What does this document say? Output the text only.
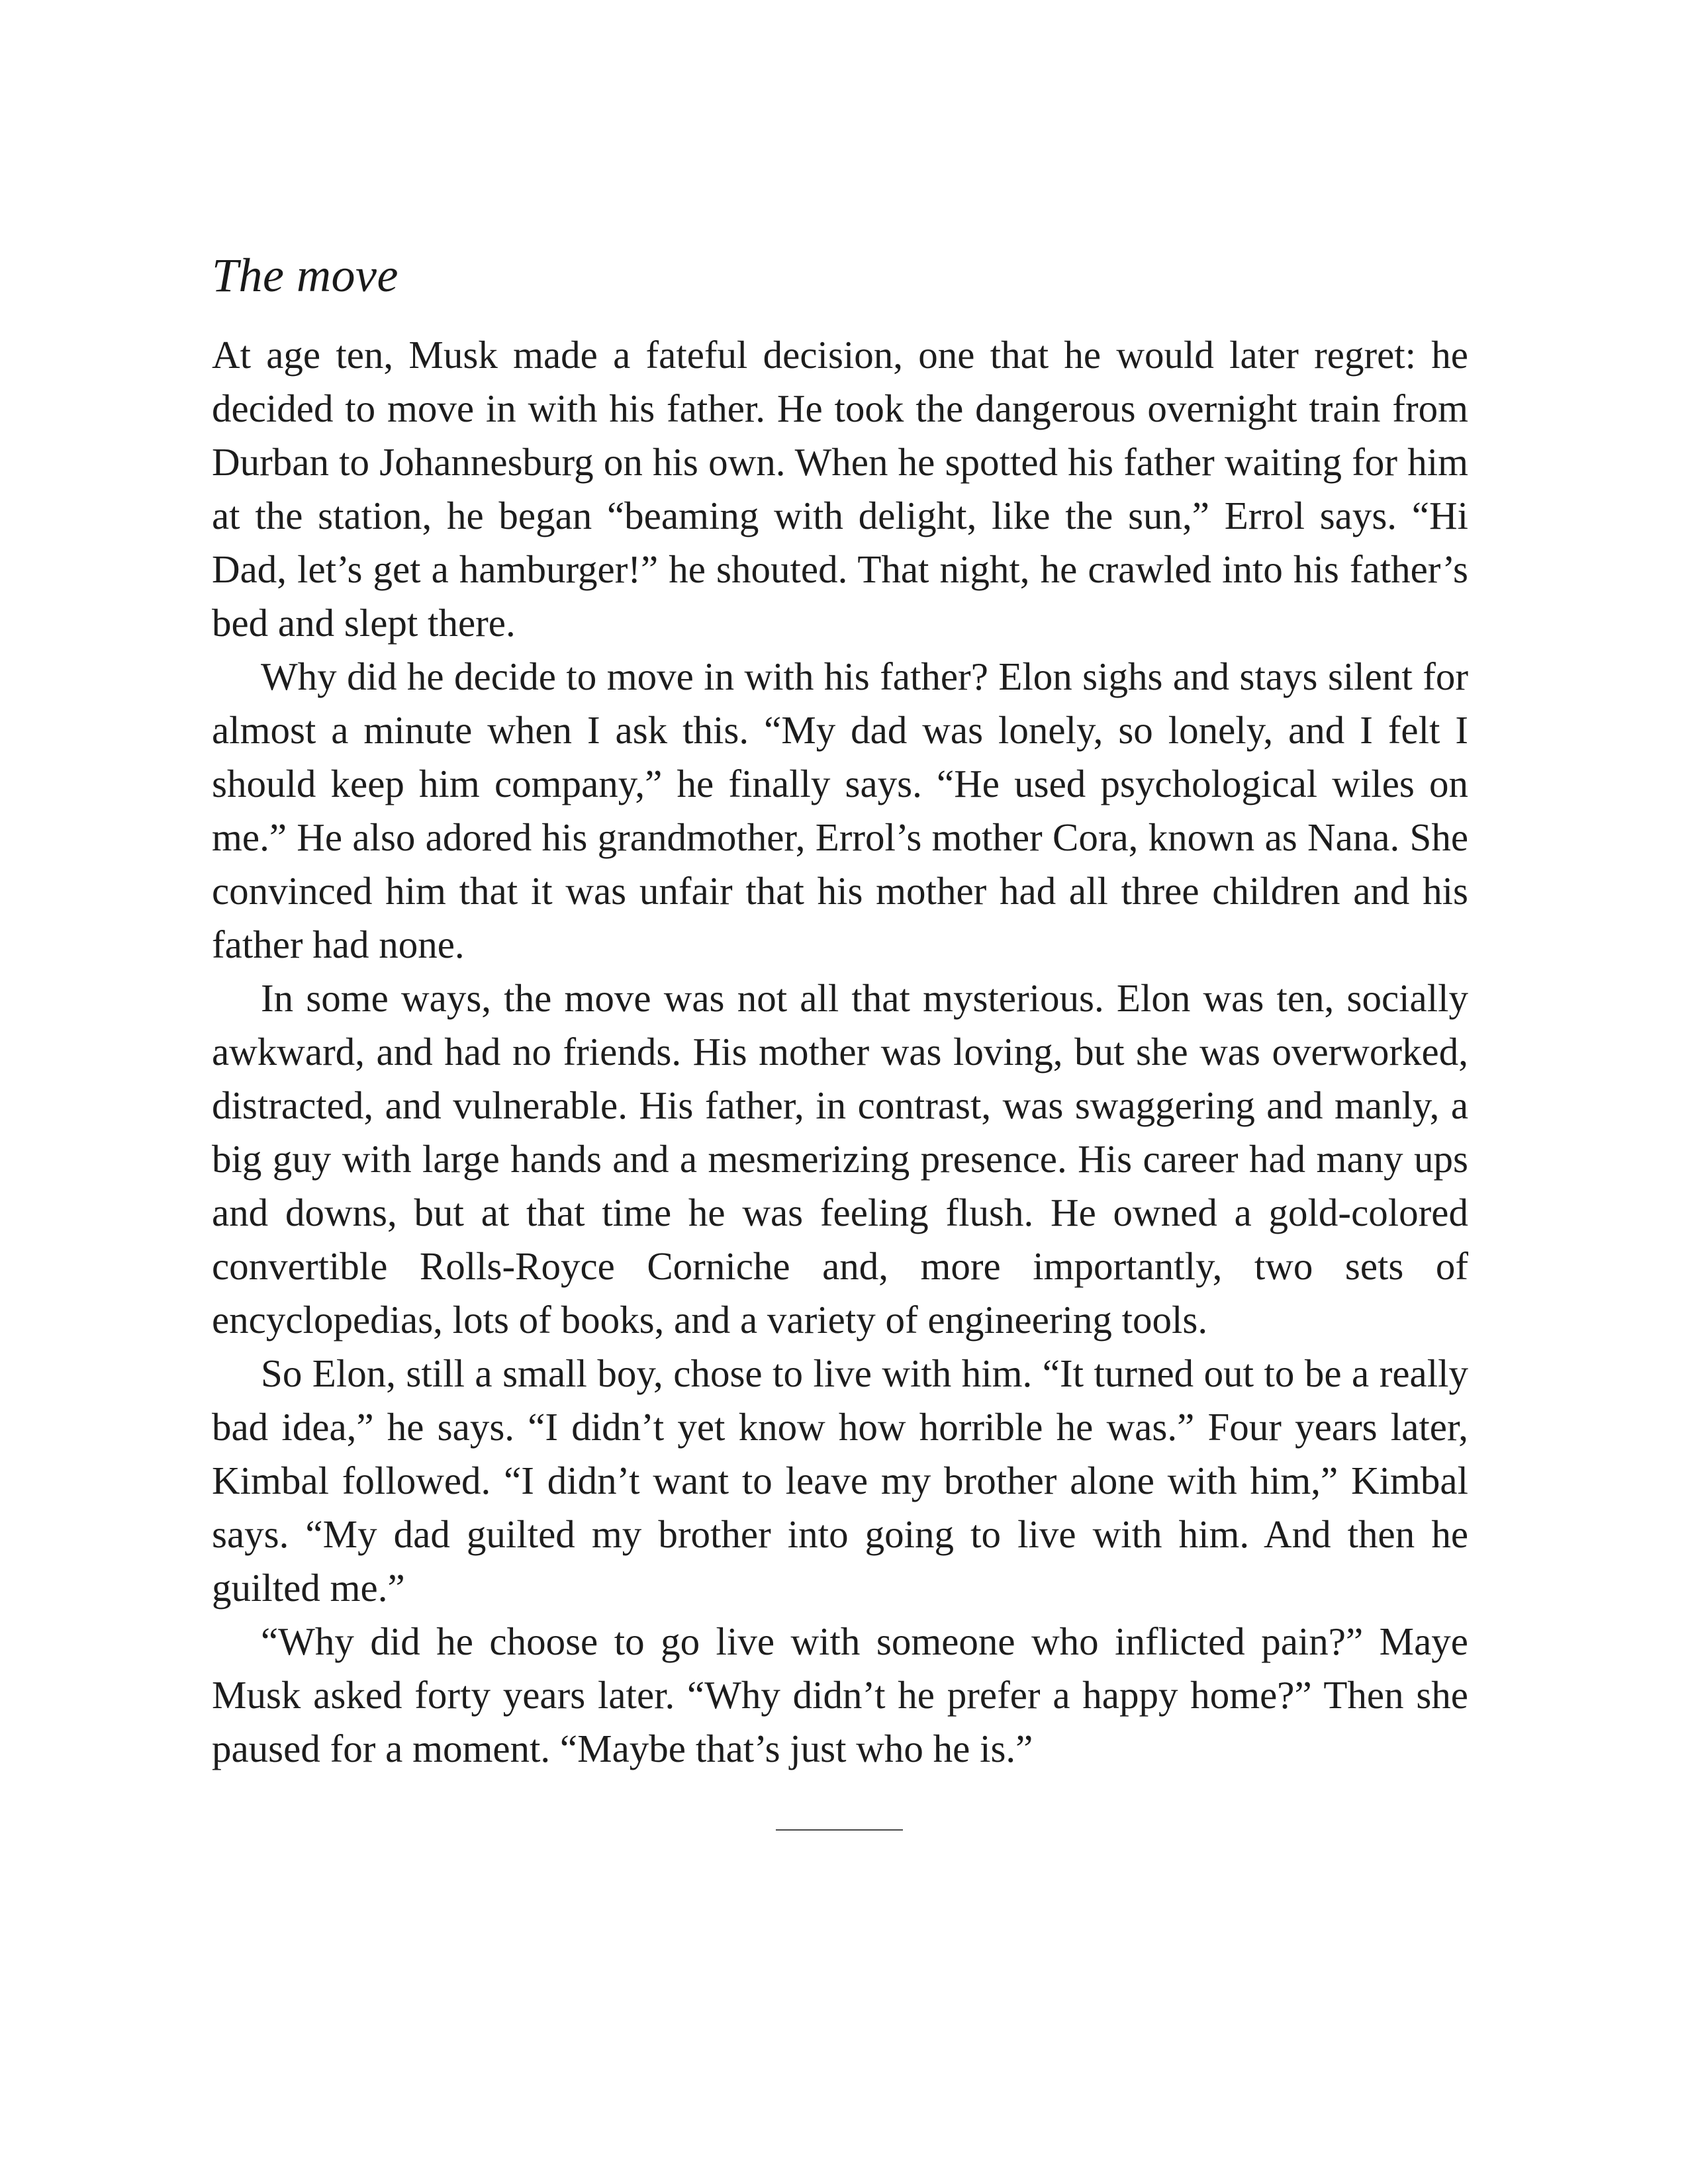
The move

At age ten, Musk made a fateful decision, one that he would later regret: he decided to move in with his father. He took the dangerous overnight train from Durban to Johannesburg on his own. When he spotted his father waiting for him at the station, he began “beaming with delight, like the sun,” Errol says. “Hi Dad, let’s get a hamburger!” he shouted. That night, he crawled into his father’s bed and slept there.

Why did he decide to move in with his father? Elon sighs and stays silent for almost a minute when I ask this. “My dad was lonely, so lonely, and I felt I should keep him company,” he finally says. “He used psychological wiles on me.” He also adored his grandmother, Errol’s mother Cora, known as Nana. She convinced him that it was unfair that his mother had all three children and his father had none.

In some ways, the move was not all that mysterious. Elon was ten, socially awkward, and had no friends. His mother was loving, but she was overworked, distracted, and vulnerable. His father, in contrast, was swaggering and manly, a big guy with large hands and a mesmerizing presence. His career had many ups and downs, but at that time he was feeling flush. He owned a gold-colored convertible Rolls-Royce Corniche and, more importantly, two sets of encyclopedias, lots of books, and a variety of engineering tools.

So Elon, still a small boy, chose to live with him. “It turned out to be a really bad idea,” he says. “I didn’t yet know how horrible he was.” Four years later, Kimbal followed. “I didn’t want to leave my brother alone with him,” Kimbal says. “My dad guilted my brother into going to live with him. And then he guilted me.”

“Why did he choose to go live with someone who inflicted pain?” Maye Musk asked forty years later. “Why didn’t he prefer a happy home?” Then she paused for a moment. “Maybe that’s just who he is.”
